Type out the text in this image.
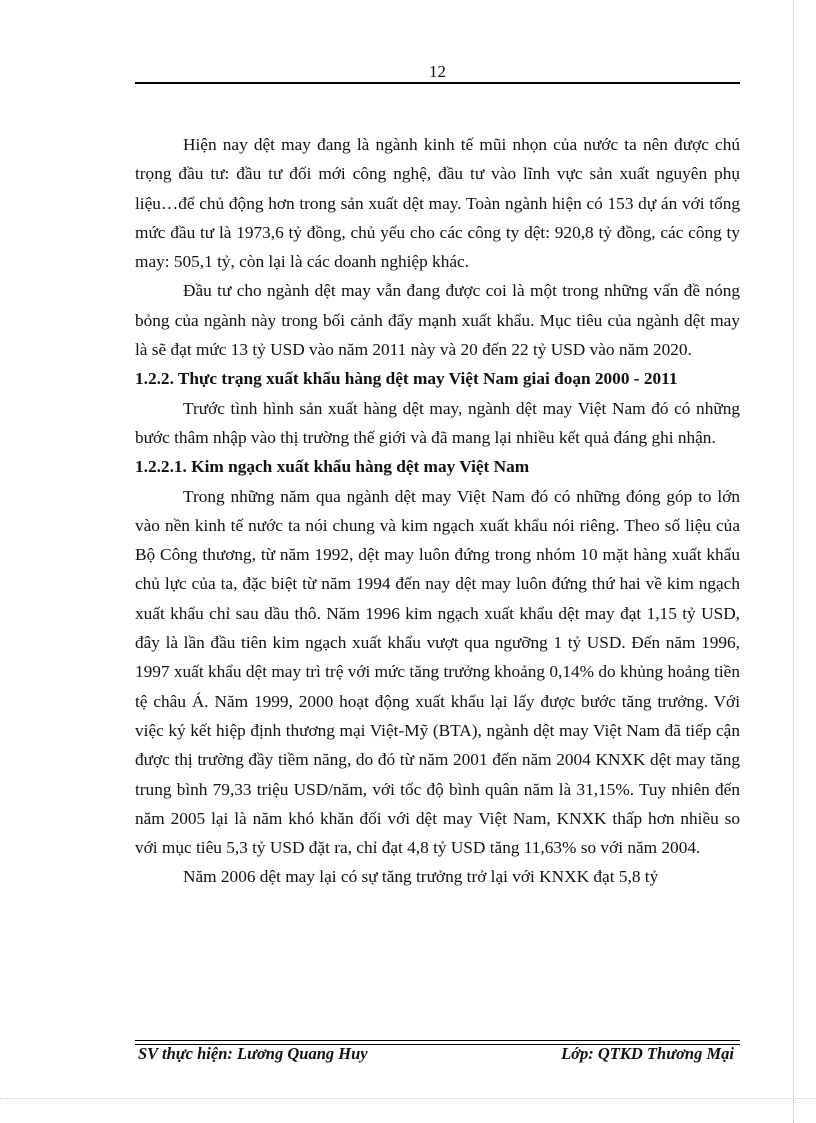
12

Hiện nay dệt may đang là ngành kinh tế mũi nhọn của nước ta nên được chú trọng đầu tư: đầu tư đổi mới công nghệ, đầu tư vào lĩnh vực sản xuất nguyên phụ liệu…để chủ động hơn trong sản xuất dệt may. Toàn ngành hiện có 153 dự án với tổng mức đầu tư là 1973,6 tỷ đồng, chủ yếu cho các công ty dệt: 920,8 tỷ đồng, các công ty may: 505,1 tỷ, còn lại là các doanh nghiệp khác.

Đầu tư cho ngành dệt may vẫn đang được coi là một trong những vấn đề nóng bỏng của ngành này trong bối cảnh đẩy mạnh xuất khẩu. Mục tiêu của ngành dệt may là sẽ đạt mức 13 tỷ USD vào năm 2011 này và 20 đến 22 tỷ USD vào năm 2020.

1.2.2. Thực trạng xuất khẩu hàng dệt may Việt Nam giai đoạn 2000 - 2011

Trước tình hình sản xuất hàng dệt may, ngành dệt may Việt Nam đó có những bước thâm nhập vào thị trường thế giới và đã mang lại nhiều kết quả đáng ghi nhận.

1.2.2.1. Kim ngạch xuất khẩu hàng dệt may Việt Nam

Trong những năm qua ngành dệt may Việt Nam đó có những đóng góp to lớn vào nền kinh tế nước ta nói chung và kim ngạch xuất khẩu nói riêng. Theo số liệu của Bộ Công thương, từ năm 1992, dệt may luôn đứng trong nhóm 10 mặt hàng xuất khẩu chủ lực của ta, đặc biệt từ năm 1994 đến nay dệt may luôn đứng thứ hai về kim ngạch xuất khẩu chỉ sau dầu thô. Năm 1996 kim ngạch xuất khẩu dệt may đạt 1,15 tỷ USD, đây là lần đầu tiên kim ngạch xuất khẩu vượt qua ngưỡng 1 tỷ USD. Đến năm 1996, 1997 xuất khẩu dệt may trì trệ với mức tăng trưởng khoảng 0,14% do khủng hoảng tiền tệ châu Á. Năm 1999, 2000 hoạt động xuất khẩu lại lấy được bước tăng trưởng. Với việc ký kết hiệp định thương mại Việt-Mỹ (BTA), ngành dệt may Việt Nam đã tiếp cận được thị trường đầy tiềm năng, do đó từ năm 2001 đến năm 2004 KNXK dệt may tăng trung bình 79,33 triệu USD/năm, với tốc độ bình quân năm là 31,15%. Tuy nhiên đến năm 2005 lại là năm khó khăn đối với dệt may Việt Nam, KNXK thấp hơn nhiều so với mục tiêu 5,3 tỷ USD đặt ra, chỉ đạt 4,8 tỷ USD tăng 11,63% so với năm 2004.

Năm 2006 dệt may lại có sự tăng trưởng trở lại với KNXK đạt 5,8 tỷ

SV thực hiện: Lương Quang Huy	Lớp: QTKD Thương Mại
